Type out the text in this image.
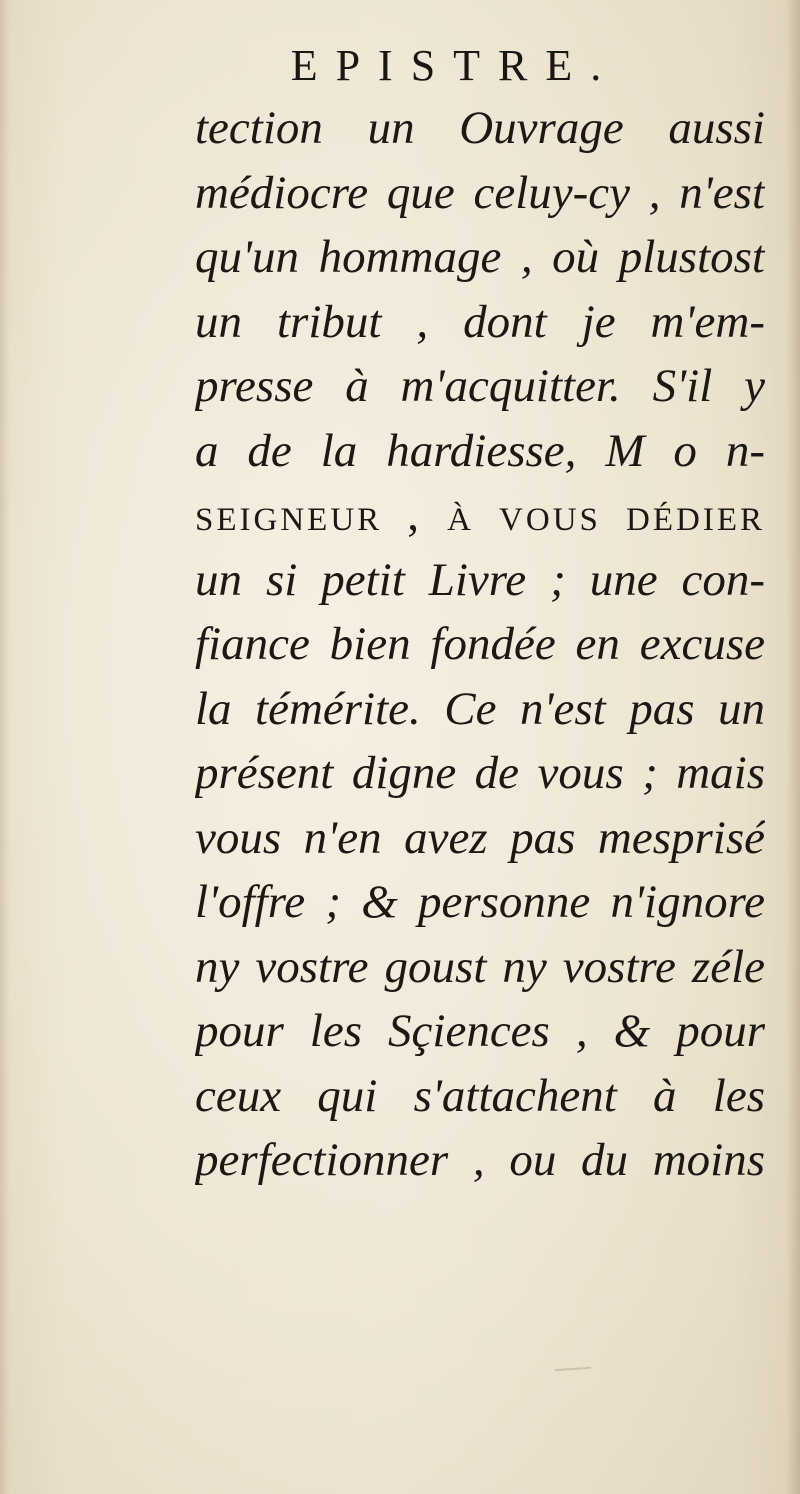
EPISTRE.
tection un Ouvrage aussi
médiocre que celuy-cy , n'est
qu'un hommage , où plustost
un tribut , dont je m'em-
presse à m'acquitter. S'il y
a de la hardiesse, M o n-
seigneur , à vous dédier
un si petit Livre ; une con-
fiance bien fondée en excuse
la témérite. Ce n'est pas un
présent digne de vous ; mais
vous n'en avez pas mesprisé
l'offre ; & personne n'ignore
ny vostre goust ny vostre zéle
pour les Sçiences , & pour
ceux qui s'attachent à les
perfectionner , ou du moins
